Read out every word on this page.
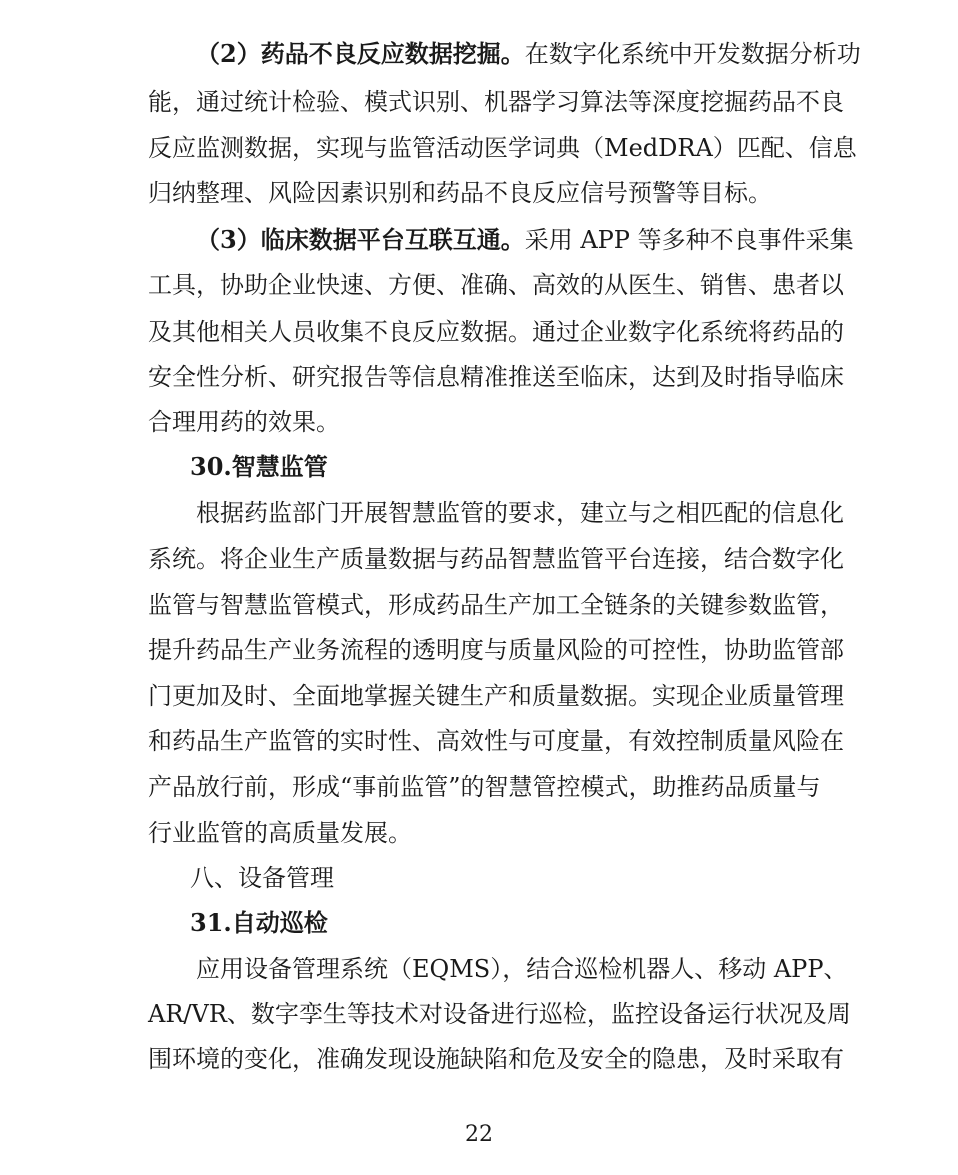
（2）药品不良反应数据挖掘。在数字化系统中开发数据分析功
能，通过统计检验、模式识别、机器学习算法等深度挖掘药品不良
反应监测数据，实现与监管活动医学词典（MedDRA）匹配、信息
归纳整理、风险因素识别和药品不良反应信号预警等目标。
（3）临床数据平台互联互通。采用 APP 等多种不良事件采集
工具，协助企业快速、方便、准确、高效的从医生、销售、患者以
及其他相关人员收集不良反应数据。通过企业数字化系统将药品的
安全性分析、研究报告等信息精准推送至临床，达到及时指导临床
合理用药的效果。
30.智慧监管
根据药监部门开展智慧监管的要求，建立与之相匹配的信息化
系统。将企业生产质量数据与药品智慧监管平台连接，结合数字化
监管与智慧监管模式，形成药品生产加工全链条的关键参数监管，
提升药品生产业务流程的透明度与质量风险的可控性，协助监管部
门更加及时、全面地掌握关键生产和质量数据。实现企业质量管理
和药品生产监管的实时性、高效性与可度量，有效控制质量风险在
产品放行前，形成“事前监管”的智慧管控模式，助推药品质量与
行业监管的高质量发展。
八、设备管理
31.自动巡检
应用设备管理系统（EQMS），结合巡检机器人、移动 APP、
AR/VR、数字孪生等技术对设备进行巡检，监控设备运行状况及周
围环境的变化，准确发现设施缺陷和危及安全的隐患，及时采取有
22
